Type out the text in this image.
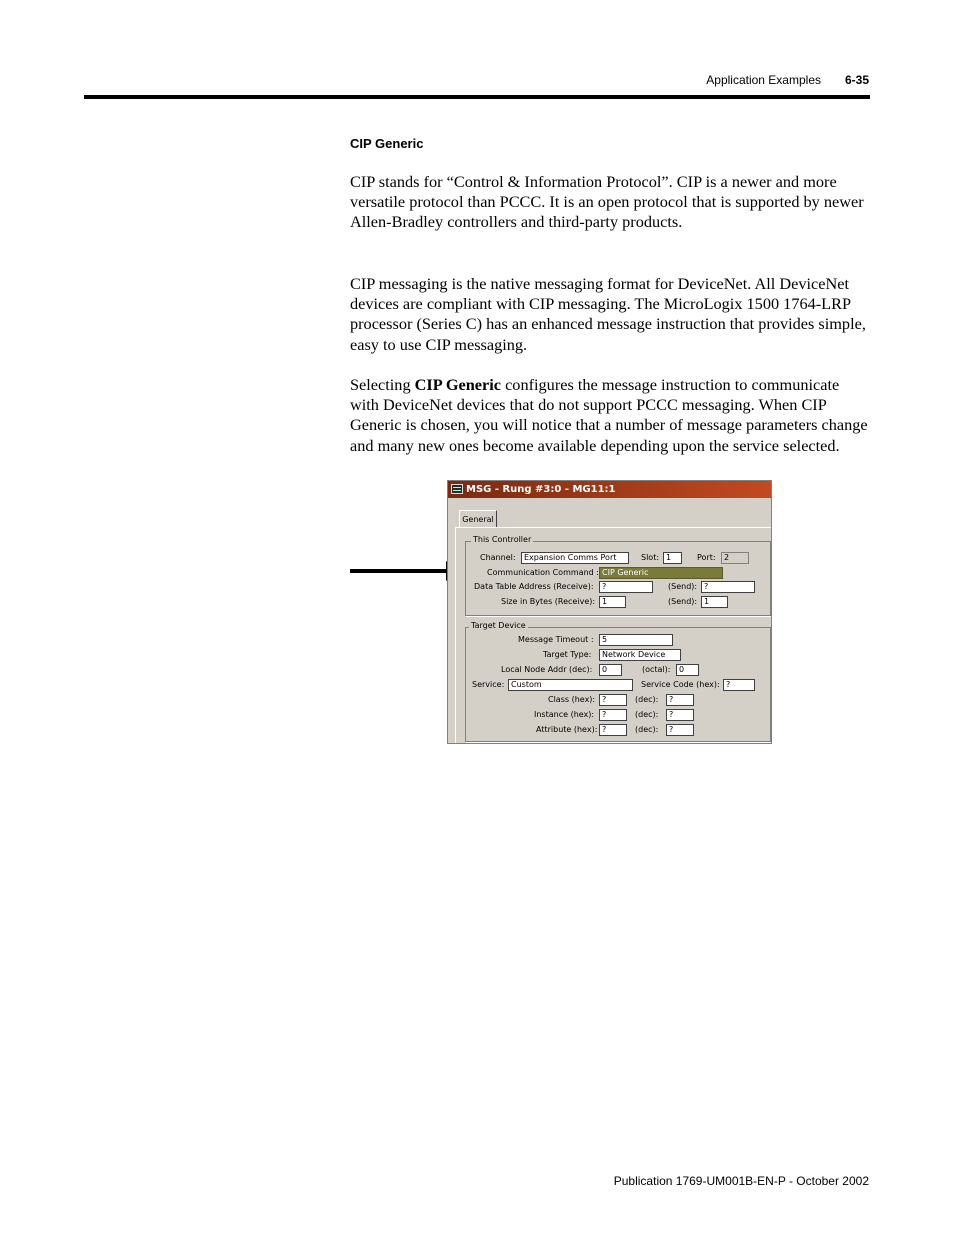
Application Examples	6-35
CIP Generic

CIP stands for “Control & Information Protocol”. CIP is a newer and more versatile protocol than PCCC. It is an open protocol that is supported by newer Allen-Bradley controllers and third-party products.

CIP messaging is the native messaging format for DeviceNet. All DeviceNet devices are compliant with CIP messaging. The MicroLogix 1500 1764-LRP processor (Series C) has an enhanced message instruction that provides simple, easy to use CIP messaging.

Selecting CIP Generic configures the message instruction to communicate with DeviceNet devices that do not support PCCC messaging. When CIP Generic is chosen, you will notice that a number of message parameters change and many new ones become available depending upon the service selected.

MSG - Rung #3:0 - MG11:1
General
This Controller
Channel:	Expansion Comms Port	Slot: 1	Port:	2
Communication Command : CIP Generic
Data Table Address (Receive):	?	(Send): ?
Size in Bytes (Receive): 1	(Send): 1
Target Device
Message Timeout :	5
Target Type:	Network Device
Local Node Addr (dec):	0	(octal):	0
Service: Custom	Service Code (hex): ?
Class (hex): ?	(dec):	?
Instance (hex): ?	(dec):	?
Attribute (hex): ?	(dec):	?
Publication 1769-UM001B-EN-P - October 2002
